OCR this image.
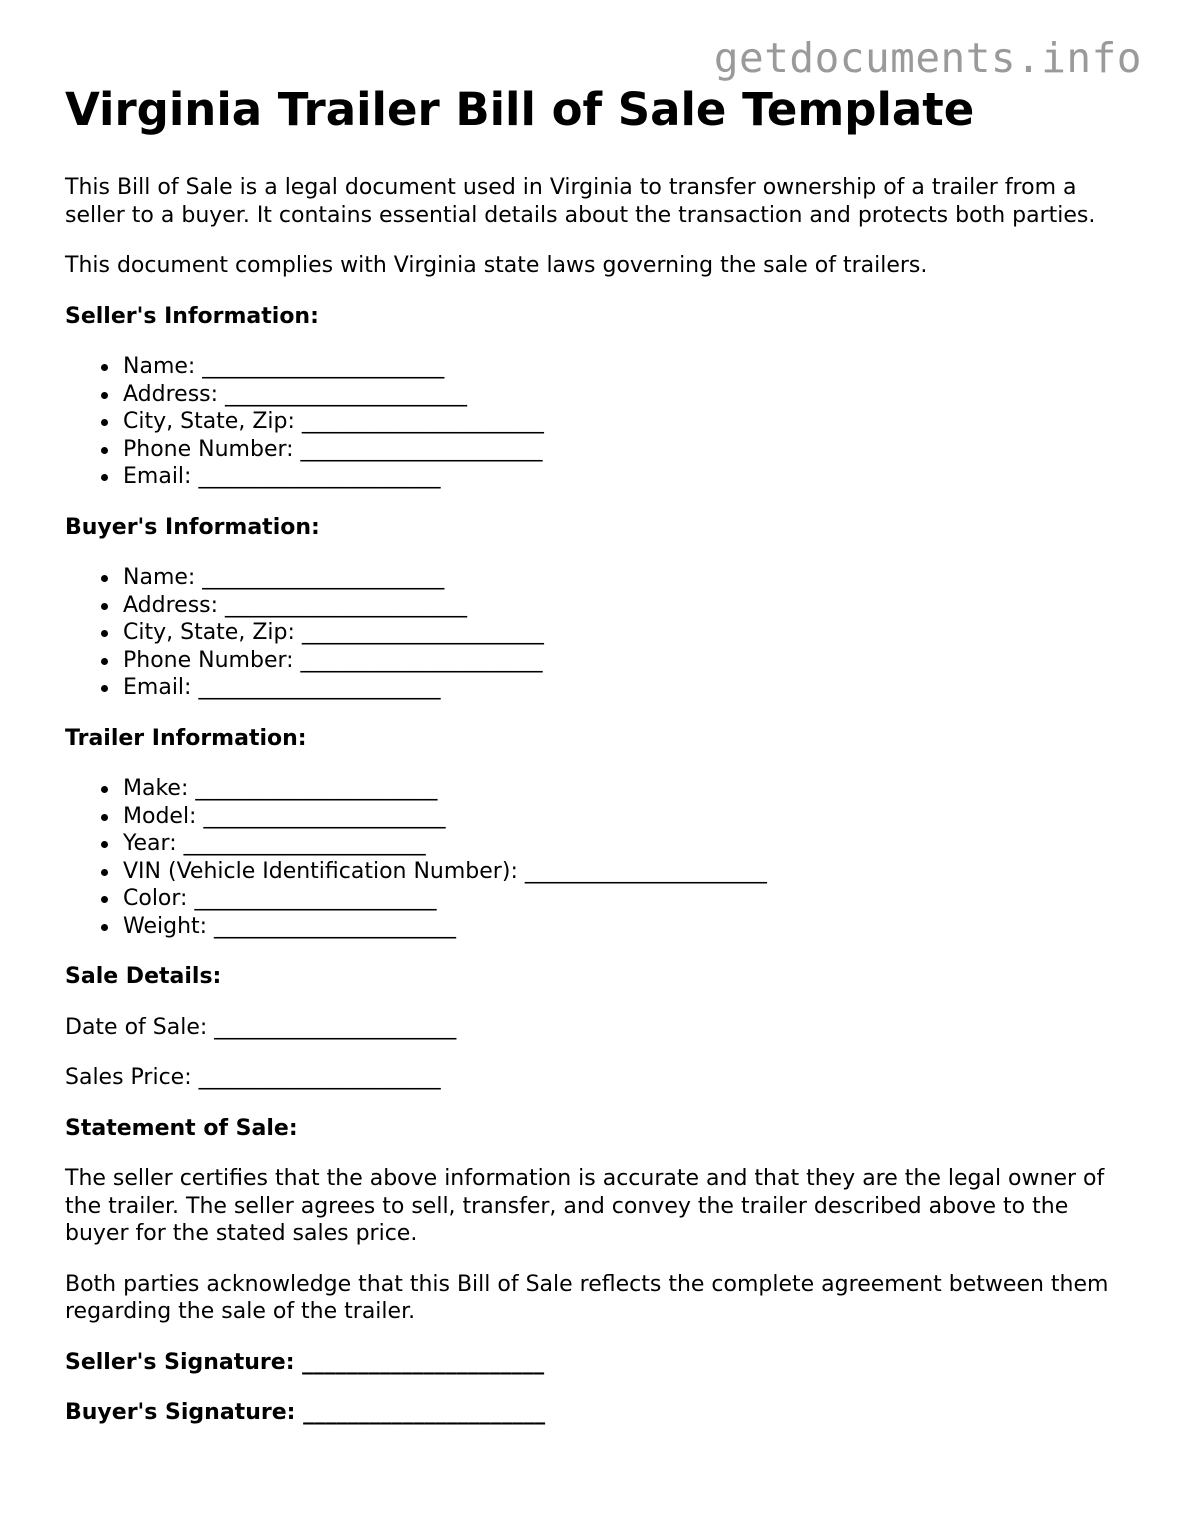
getdocuments.info
Virginia Trailer Bill of Sale Template

This Bill of Sale is a legal document used in Virginia to transfer ownership of a trailer from a seller to a buyer. It contains essential details about the transaction and protects both parties.

This document complies with Virginia state laws governing the sale of trailers.

Seller's Information:
Name: ______________________
Address: ______________________
City, State, Zip: ______________________
Phone Number: ______________________
Email: ______________________
Buyer's Information:
Name: ______________________
Address: ______________________
City, State, Zip: ______________________
Phone Number: ______________________
Email: ______________________
Trailer Information:
Make: ______________________
Model: ______________________
Year: ______________________
VIN (Vehicle Identification Number): ______________________
Color: ______________________
Weight: ______________________
Sale Details:

Date of Sale: ______________________

Sales Price: ______________________

Statement of Sale:

The seller certifies that the above information is accurate and that they are the legal owner of the trailer. The seller agrees to sell, transfer, and convey the trailer described above to the buyer for the stated sales price.

Both parties acknowledge that this Bill of Sale reflects the complete agreement between them regarding the sale of the trailer.

Seller's Signature: ______________________
Buyer's Signature: ______________________
